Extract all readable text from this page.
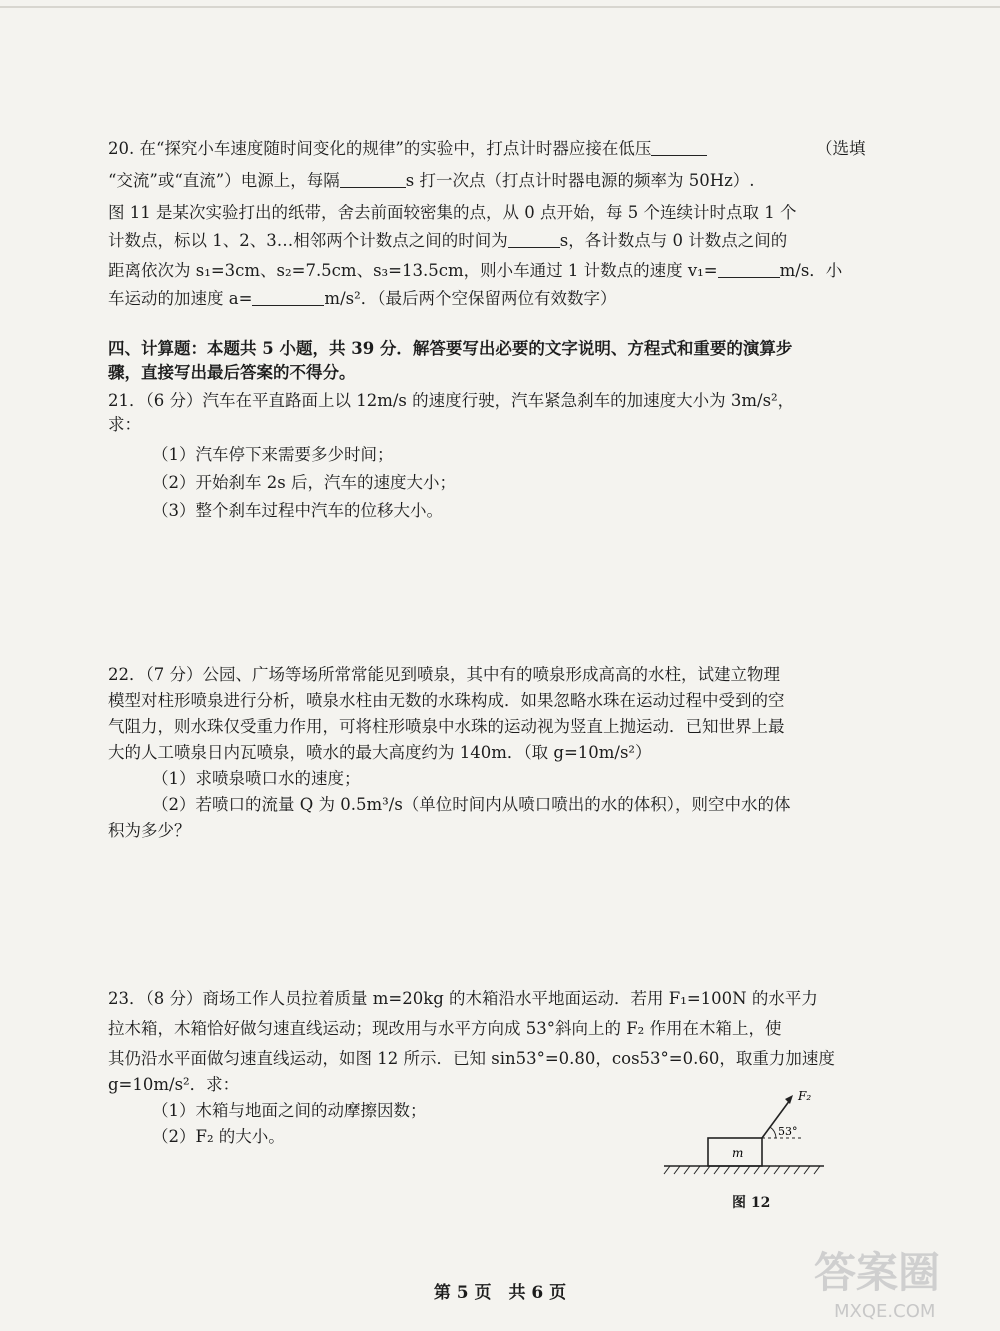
20. 在“探究小车速度随时间变化的规律”的实验中，打点计时器应接在低压	（选填
“交流”或“直流”）电源上，每隔	s 打一次点（打点计时器电源的频率为 50Hz）.
图 11 是某次实验打出的纸带，舍去前面较密集的点，从 0 点开始，每 5 个连续计时点取 1 个
计数点，标以 1、2、3…相邻两个计数点之间的时间为	s，各计数点与 0 计数点之间的
距离依次为 s₁=3cm、s₂=7.5cm、s₃=13.5cm，则小车通过 1 计数点的速度 v₁=	m/s．小
车运动的加速度 a=	m/s²．（最后两个空保留两位有效数字）
四、计算题：本题共 5 小题，共 39 分．解答要写出必要的文字说明、方程式和重要的演算步
骤，直接写出最后答案的不得分。
21．（6 分）汽车在平直路面上以 12m/s 的速度行驶，汽车紧急刹车的加速度大小为 3m/s²，
求：
（1）汽车停下来需要多少时间；
（2）开始刹车 2s 后，汽车的速度大小；
（3）整个刹车过程中汽车的位移大小。
22．（7 分）公园、广场等场所常常能见到喷泉，其中有的喷泉形成高高的水柱，试建立物理
模型对柱形喷泉进行分析，喷泉水柱由无数的水珠构成．如果忽略水珠在运动过程中受到的空
气阻力，则水珠仅受重力作用，可将柱形喷泉中水珠的运动视为竖直上抛运动．已知世界上最
大的人工喷泉日内瓦喷泉，喷水的最大高度约为 140m．（取 g=10m/s²）
（1）求喷泉喷口水的速度；
（2）若喷口的流量 Q 为 0.5m³/s（单位时间内从喷口喷出的水的体积），则空中水的体
积为多少？
23．（8 分）商场工作人员拉着质量 m=20kg 的木箱沿水平地面运动．若用 F₁=100N 的水平力
拉木箱，木箱恰好做匀速直线运动；现改用与水平方向成 53°斜向上的 F₂ 作用在木箱上，使
其仍沿水平面做匀速直线运动，如图 12 所示．已知 sin53°=0.80，cos53°=0.60，取重力加速度
g=10m/s²．求：
（1）木箱与地面之间的动摩擦因数；
（2）F₂ 的大小。
m
F₂
53°
图 12
第 5 页　共 6 页	答案圈
MXQE.COM
